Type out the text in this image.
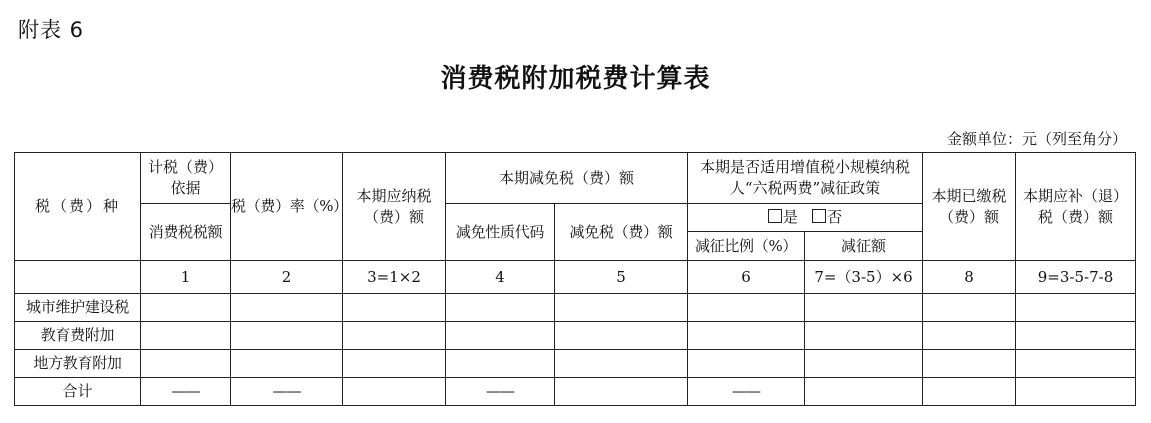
附表 6
消费税附加税费计算表
金额单位：元（列至角分）
税（费）种	计税（费）依据	税（费）率（%）	本期应纳税（费）额	本期减免税（费）额		本期是否适用增值税小规模纳税人“六税两费”减征政策		本期已缴税（费）额	本期应补（退）税（费）额
	消费税税额			减免性质代码	减免税（费）额	是 否			
						减征比例（%）	减征额		
	1	2	3=1×2	4	5	6	7=（3-5）×6	8	9=3-5-7-8
城市维护建设税									
教育费附加									
地方教育附加									
合计	——	——		——		——			
